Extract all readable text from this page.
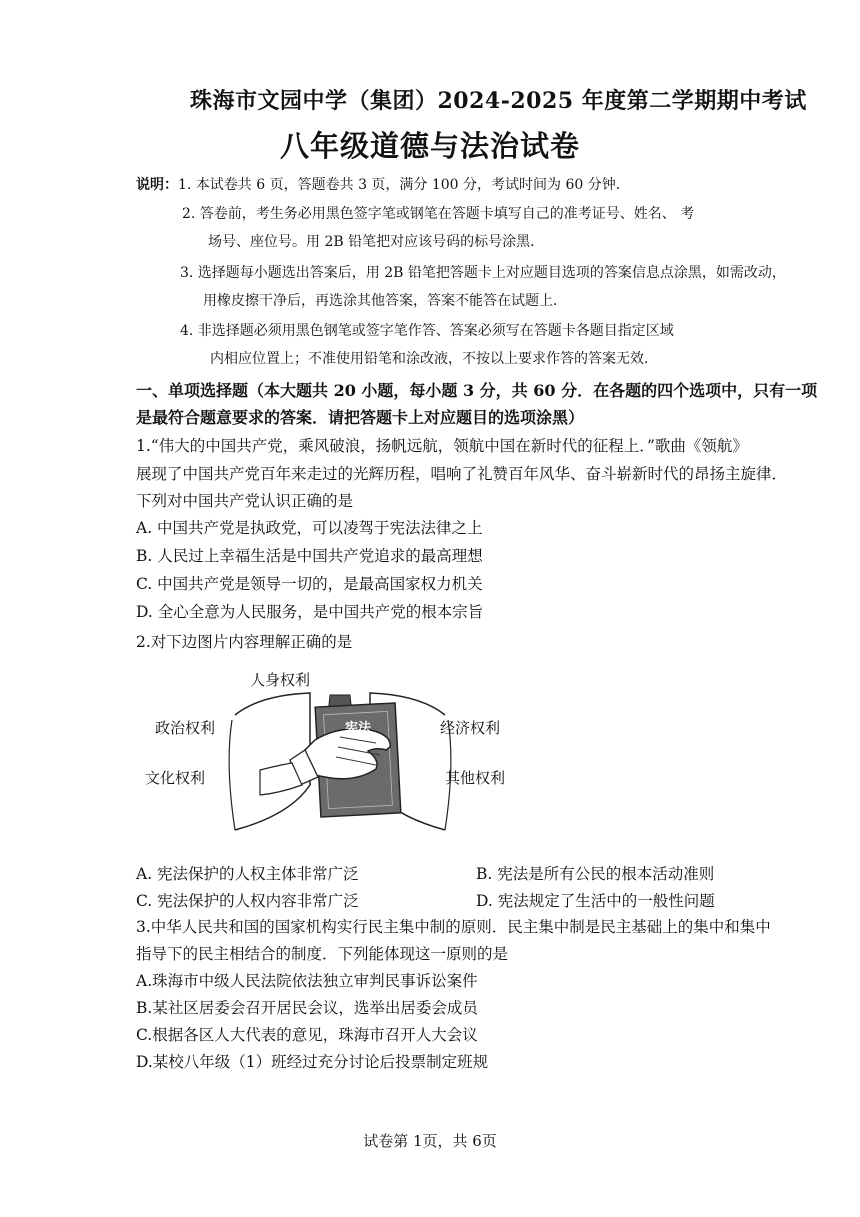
珠海市文园中学（集团）2024-2025 年度第二学期期中考试
八年级道德与法治试卷
说明：1. 本试卷共 6 页，答题卷共 3 页，满分 100 分，考试时间为 60 分钟．
2. 答卷前，考生务必用黑色签字笔或钢笔在答题卡填写自己的准考证号、姓名、 考
场号、座位号。用 2B 铅笔把对应该号码的标号涂黑．
3. 选择题每小题选出答案后，用 2B 铅笔把答题卡上对应题目选项的答案信息点涂黑，如需改动，
用橡皮擦干净后，再选涂其他答案，答案不能答在试题上．
4. 非选择题必须用黑色钢笔或签字笔作答、答案必须写在答题卡各题目指定区域
内相应位置上；不准使用铅笔和涂改液，不按以上要求作答的答案无效．
一、单项选择题（本大题共 20 小题，每小题 3 分，共 60 分．在各题的四个选项中，只有一项
是最符合题意要求的答案．请把答题卡上对应题目的选项涂黑）
1.“伟大的中国共产党，乘风破浪，扬帆远航，领航中国在新时代的征程上．”歌曲《领航》
展现了中国共产党百年来走过的光辉历程，唱响了礼赞百年风华、奋斗崭新时代的昂扬主旋律．
下列对中国共产党认识正确的是
A. 中国共产党是执政党，可以凌驾于宪法法律之上
B. 人民过上幸福生活是中国共产党追求的最高理想
C. 中国共产党是领导一切的，是最高国家权力机关
D. 全心全意为人民服务，是中国共产党的根本宗旨
2.对下边图片内容理解正确的是
宪法
人身权利
政治权利
文化权利
经济权利
其他权利
A. 宪法保护的人权主体非常广泛	B. 宪法是所有公民的根本活动准则
C. 宪法保护的人权内容非常广泛	D. 宪法规定了生活中的一般性问题
3.中华人民共和国的国家机构实行民主集中制的原则．民主集中制是民主基础上的集中和集中
指导下的民主相结合的制度．下列能体现这一原则的是
A.珠海市中级人民法院依法独立审判民事诉讼案件
B.某社区居委会召开居民会议，选举出居委会成员
C.根据各区人大代表的意见，珠海市召开人大会议
D.某校八年级（1）班经过充分讨论后投票制定班规
试卷第 1页，共 6页
